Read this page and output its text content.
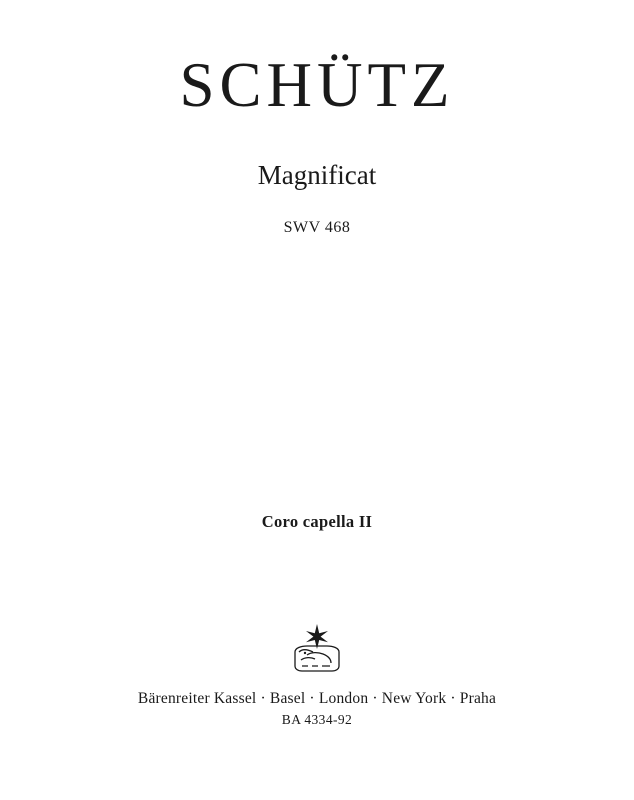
SCHÜTZ
Magnificat
SWV 468
Coro capella II
Bärenreiter Kassel · Basel · London · New York · Praha
BA 4334-92
